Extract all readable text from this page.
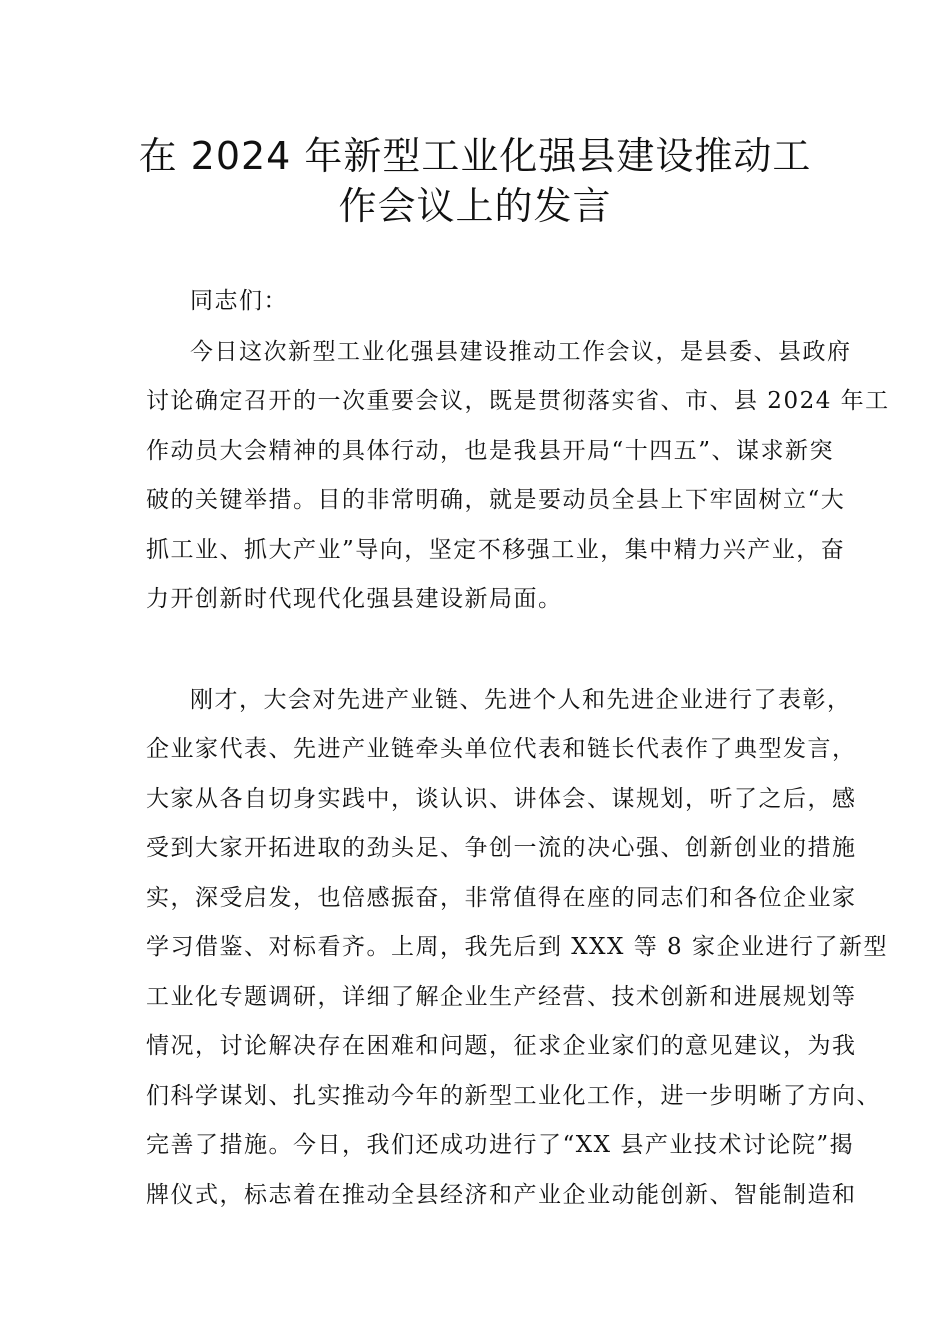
在 2024 年新型工业化强县建设推动工
作会议上的发言
同志们：
今日这次新型工业化强县建设推动工作会议，是县委、县政府
讨论确定召开的一次重要会议，既是贯彻落实省、市、县 2024 年工
作动员大会精神的具体行动，也是我县开局“十四五”、谋求新突
破的关键举措。目的非常明确，就是要动员全县上下牢固树立“大
抓工业、抓大产业”导向，坚定不移强工业，集中精力兴产业，奋
力开创新时代现代化强县建设新局面。
刚才，大会对先进产业链、先进个人和先进企业进行了表彰，
企业家代表、先进产业链牵头单位代表和链长代表作了典型发言，
大家从各自切身实践中，谈认识、讲体会、谋规划，听了之后，感
受到大家开拓进取的劲头足、争创一流的决心强、创新创业的措施
实，深受启发，也倍感振奋，非常值得在座的同志们和各位企业家
学习借鉴、对标看齐。上周，我先后到 XXX 等 8 家企业进行了新型
工业化专题调研，详细了解企业生产经营、技术创新和进展规划等
情况，讨论解决存在困难和问题，征求企业家们的意见建议，为我
们科学谋划、扎实推动今年的新型工业化工作，进一步明晰了方向、
完善了措施。今日，我们还成功进行了“XX 县产业技术讨论院”揭
牌仪式，标志着在推动全县经济和产业企业动能创新、智能制造和
